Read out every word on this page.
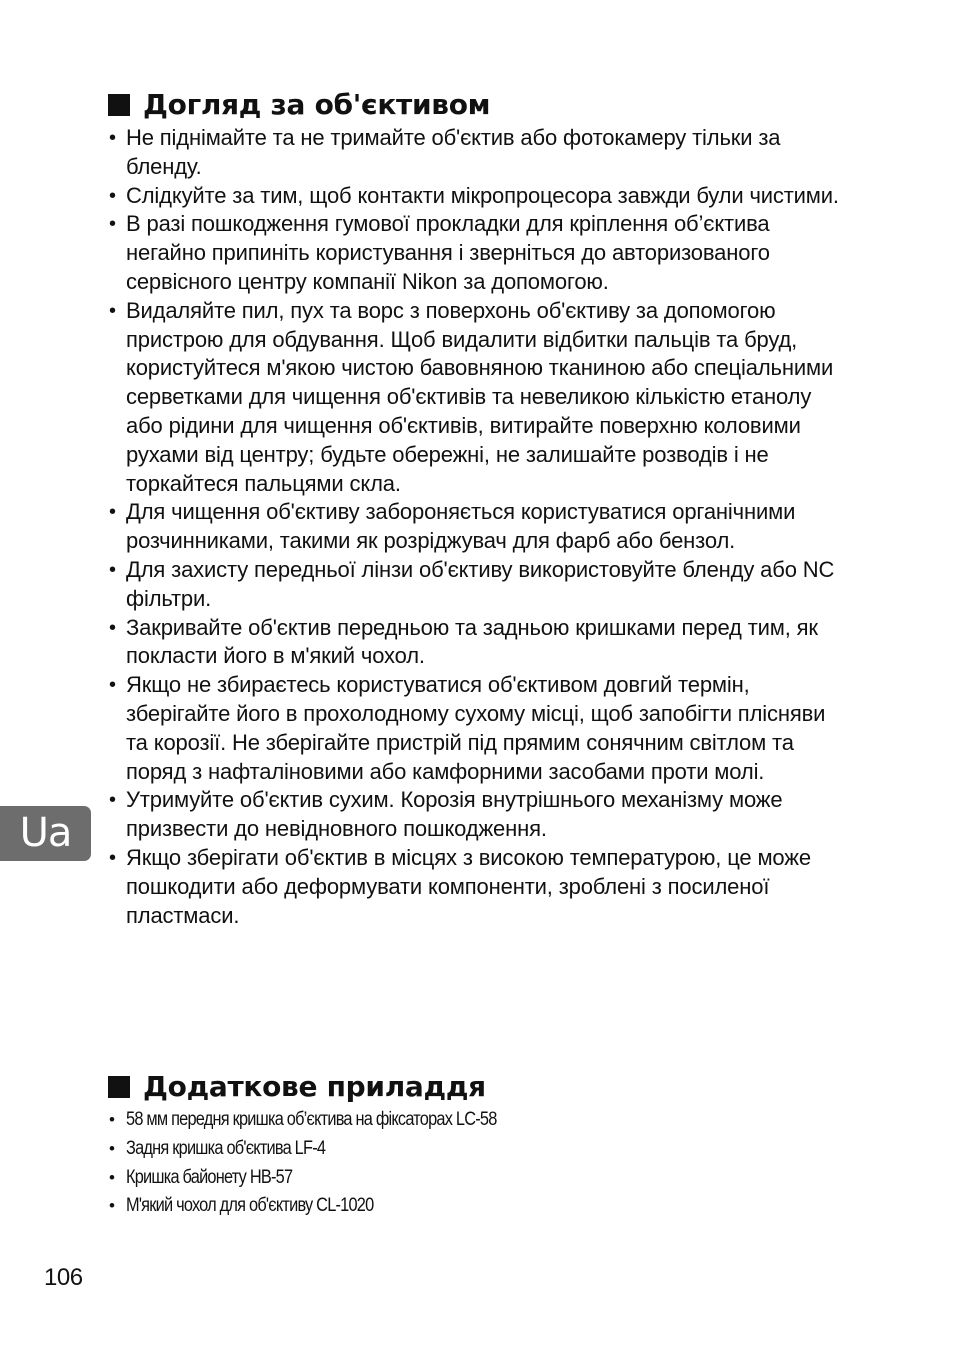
Догляд за об'єктивом
• Не піднімайте та не тримайте об'єктив або фотокамеру тільки за бленду.
• Слідкуйте за тим, щоб контакти мікропроцесора завжди були чистими.
• В разі пошкодження гумової прокладки для кріплення об’єктива негайно припиніть користування і зверніться до авторизованого сервісного центру компанії Nikon за допомогою.
• Видаляйте пил, пух та ворс з поверхонь об'єктиву за допомогою пристрою для обдування. Щоб видалити відбитки пальців та бруд, користуйтеся м'якою чистою бавовняною тканиною або спеціальними серветками для чищення об'єктивів та невеликою кількістю етанолу або рідини для чищення об'єктивів, витирайте поверхню коловими рухами від центру; будьте обережні, не залишайте розводів і не торкайтеся пальцями скла.
• Для чищення об'єктиву забороняється користуватися органічними розчинниками, такими як розріджувач для фарб або бензол.
• Для захисту передньої лінзи об'єктиву використовуйте бленду або NC фільтри.
• Закривайте об'єктив передньою та задньою кришками перед тим, як покласти його в м'який чохол.
• Якщо не збираєтесь користуватися об'єктивом довгий термін, зберігайте його в прохолодному сухому місці, щоб запобігти плісняви та корозії. Не зберігайте пристрій під прямим сонячним світлом та поряд з нафталіновими або камфорними засобами проти молі.
• Утримуйте об'єктив сухим. Корозія внутрішнього механізму може призвести до невідновного пошкодження.
• Якщо зберігати об'єктив в місцях з високою температурою, це може пошкодити або деформувати компоненти, зроблені з посиленої пластмаси.
Додаткове приладдя
• 58 мм передня кришка об’єктива на фіксаторах LC-58
• Задня кришка об'єктива LF-4
• Кришка байонету HB-57
• М'який чохол для об'єктиву CL-1020
Ua
106
